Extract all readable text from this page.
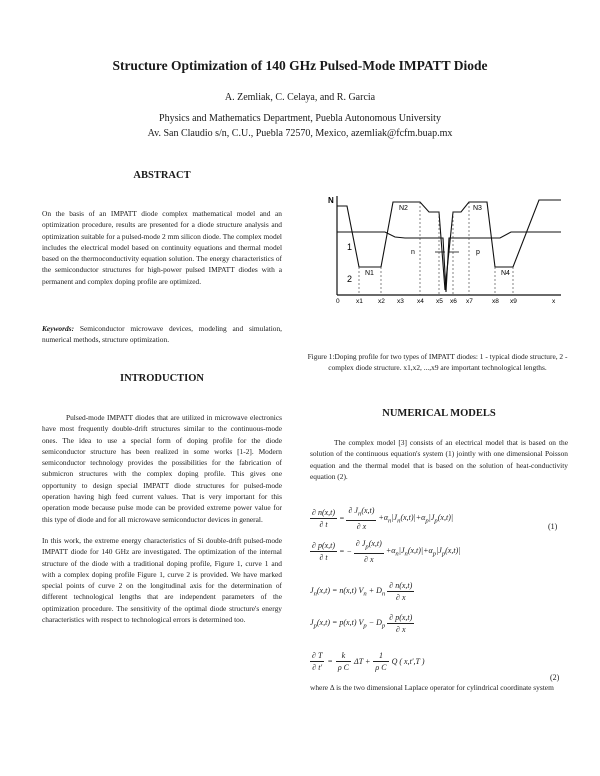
Structure Optimization of 140 GHz Pulsed-Mode IMPATT Diode
A. Zemliak, C. Celaya, and R. Garcia
Physics and Mathematics Department, Puebla Autonomous University
Av. San Claudio s/n, C.U., Puebla 72570, Mexico, azemliak@fcfm.buap.mx
ABSTRACT

On the basis of an IMPATT diode complex mathematical model and an optimization procedure, results are presented for a diode structure analysis and optimization suitable for a pulsed-mode 2 mm silicon diode. The complex model includes the electrical model based on continuity equations and thermal model based on the thermoconductivity equation solution. The energy characteristics of the semiconductor structures for high-power pulsed IMPATT diodes with a permanent and complex doping profile are optimized.

Keywords: Semiconductor microwave devices, modeling and simulation, numerical methods, structure optimization.
INTRODUCTION

Pulsed-mode IMPATT diodes that are utilized in microwave electronics have most frequently double-drift structures similar to the continuous-mode ones. The idea to use a special form of doping profile for the diode semiconductor structure has been realized in some works [1-2]. Modern semiconductor technology provides the possibilities for the fabrication of submicron structures with the complex doping profile. This gives one opportunity to design special IMPATT diode structures for pulsed-mode operation having high feed current values. That is very important for this operation mode because pulse mode can be provided extreme power value for this type of diode and for all microwave semiconductor devices in general.

In this work, the extreme energy characteristics of Si double-drift pulsed-mode IMPATT diode for 140 GHz are investigated. The optimization of the internal structure of the diode with a traditional doping profile, Figure 1, curve 1 and with a complex doping profile Figure 1, curve 2 is provided. We have marked special points of curve 2 on the longitudinal axis for the determination of different technological lengths that are independent parameters of the optimization procedure. The sensitivity of the optimal diode structure's energy characteristics with respect to technological errors is determined too.

N
1
2
n	p
N1
N2	N3
N4
0	x1 x2 x3 x4 x5 x6 x7	x8 x9	x
Figure 1:Doping profile for two types of IMPATT diodes: 1 - typical diode structure, 2 - complex diode structure. x1,x2, ...,x9 are important technological lengths.
NUMERICAL MODELS

The complex model [3] consists of an electrical model that is based on the solution of the continuous equation's system (1) jointly with one dimensional Poisson equation and the thermal model that is based on the solution of heat-conductivity equation (2).

$\frac{\partial n(x,t)}{\partial t} = \frac{\partial J_n(x,t)}{\partial x} +\alpha_n|J_n(x,t)|+\alpha_p|J_p(x,t)|$
(1)
$\frac{\partial p(x,t)}{\partial t}$ = − $\frac{\partial J_p(x,t)}{\partial x} +\alpha_n|J_n(x,t)|+\alpha_p|J_p(x,t)|$
$J_n(x,t) = n(x,t) V_n + D_n \frac{\partial n(x,t)}{\partial x}$
$J_p(x,t) = p(x,t) V_p - D_p \frac{\partial p(x,t)}{\partial x}$
$\frac{\partial T}{\partial t'} = \frac{k}{\text{ρ C}}$ $\Delta T + \frac{1}{\text{ρ C}}$ Q ( x,t′,T )
(2)
where Δ is the two dimensional Laplace operator for cylindrical coordinate system
